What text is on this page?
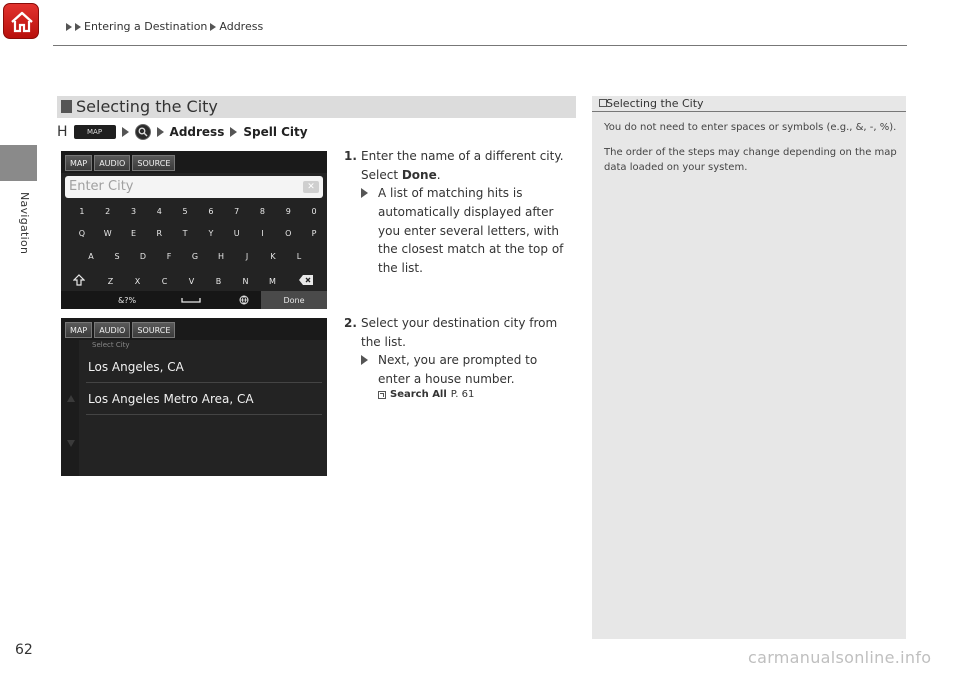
Entering a Destination Address
Navigation
Selecting the City
H	MAP	Address Spell City
MAP	AUDIO	SOURCE
Enter City	✕
1	2	3	4	5	6	7	8	9	0
Q	W	E	R	T	Y	U	I	O	P
A	S	D	F	G	H	J	K	L
Z	X	C	V	B	N	M
&?%	Done
MAP	AUDIO	SOURCE
Select City
Los Angeles, CA
Los Angeles Metro Area, CA
1. Enter the name of a different city.
Select Done.
A list of matching hits is
automatically displayed after
you enter several letters, with
the closest match at the top of
the list.
2. Select your destination city from
the list.
Next, you are prompted to
enter a house number.
Search All P. 61
Selecting the City

You do not need to enter spaces or symbols (e.g., &, -, %).

The order of the steps may change depending on the map data loaded on your system.

62	carmanualsonline.info
